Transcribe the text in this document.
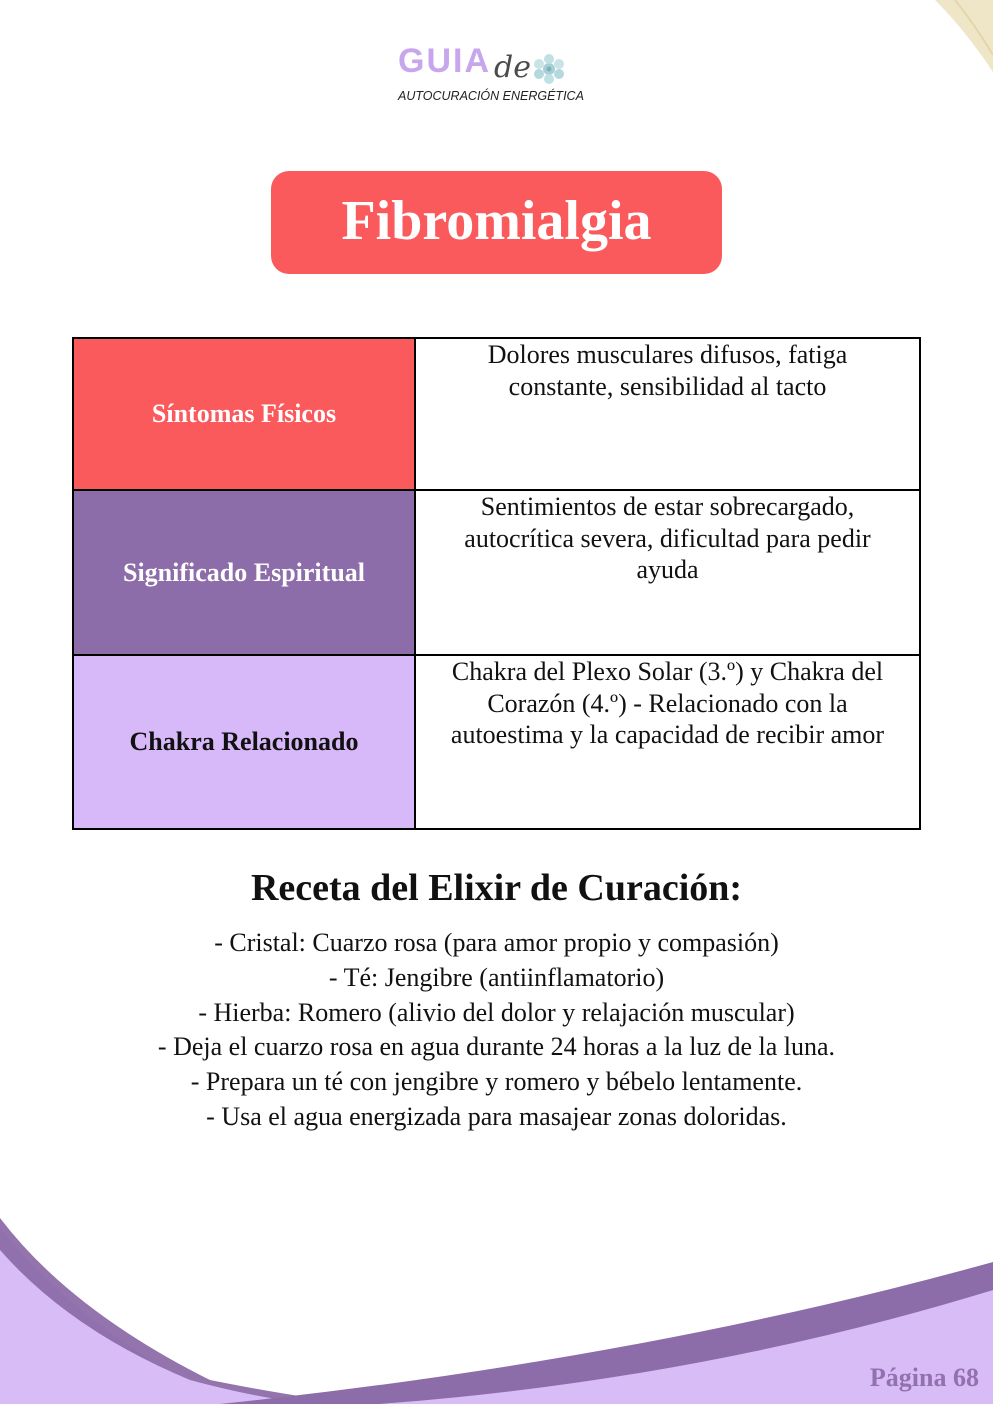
GUIA de
AUTOCURACIÓN ENERGÉTICA
Fibromialgia
Síntomas Físicos	Dolores musculares difusos, fatiga
constante, sensibilidad al tacto

Significado Espiritual	Sentimientos de estar sobrecargado,
autocrítica severa, dificultad para pedir
ayuda

Chakra Relacionado	Chakra del Plexo Solar (3.º) y Chakra del
Corazón (4.º) - Relacionado con la
autoestima y la capacidad de recibir amor
Receta del Elixir de Curación:
- Cristal: Cuarzo rosa (para amor propio y compasión)
- Té: Jengibre (antiinflamatorio)
- Hierba: Romero (alivio del dolor y relajación muscular)
- Deja el cuarzo rosa en agua durante 24 horas a la luz de la luna.
- Prepara un té con jengibre y romero y bébelo lentamente.
- Usa el agua energizada para masajear zonas doloridas.
Página 68
